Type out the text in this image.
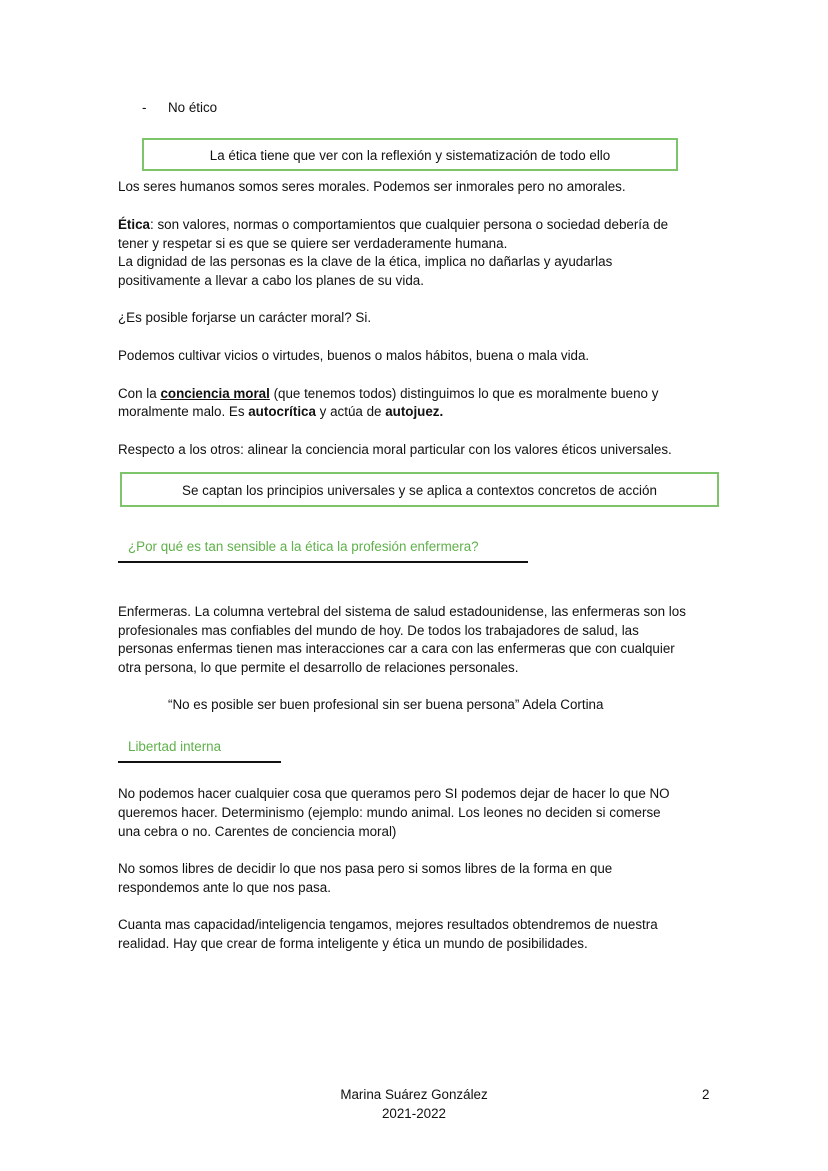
- No ético
La ética tiene que ver con la reflexión y sistematización de todo ello
Los seres humanos somos seres morales. Podemos ser inmorales pero no amorales.
Ética: son valores, normas o comportamientos que cualquier persona o sociedad debería de
tener y respetar si es que se quiere ser verdaderamente humana.
La dignidad de las personas es la clave de la ética, implica no dañarlas y ayudarlas
positivamente a llevar a cabo los planes de su vida.
¿Es posible forjarse un carácter moral? Si.
Podemos cultivar vicios o virtudes, buenos o malos hábitos, buena o mala vida.
Con la conciencia moral (que tenemos todos) distinguimos lo que es moralmente bueno y
moralmente malo. Es autocrítica y actúa de autojuez.
Respecto a los otros: alinear la conciencia moral particular con los valores éticos universales.
Se captan los principios universales y se aplica a contextos concretos de acción
¿Por qué es tan sensible a la ética la profesión enfermera?
Enfermeras. La columna vertebral del sistema de salud estadounidense, las enfermeras son los
profesionales mas confiables del mundo de hoy. De todos los trabajadores de salud, las
personas enfermas tienen mas interacciones car a cara con las enfermeras que con cualquier
otra persona, lo que permite el desarrollo de relaciones personales.
“No es posible ser buen profesional sin ser buena persona” Adela Cortina
Libertad interna
No podemos hacer cualquier cosa que queramos pero SI podemos dejar de hacer lo que NO
queremos hacer. Determinismo (ejemplo: mundo animal. Los leones no deciden si comerse
una cebra o no. Carentes de conciencia moral)
No somos libres de decidir lo que nos pasa pero si somos libres de la forma en que
respondemos ante lo que nos pasa.
Cuanta mas capacidad/inteligencia tengamos, mejores resultados obtendremos de nuestra
realidad. Hay que crear de forma inteligente y ética un mundo de posibilidades.
Marina Suárez González
2021-2022
2
